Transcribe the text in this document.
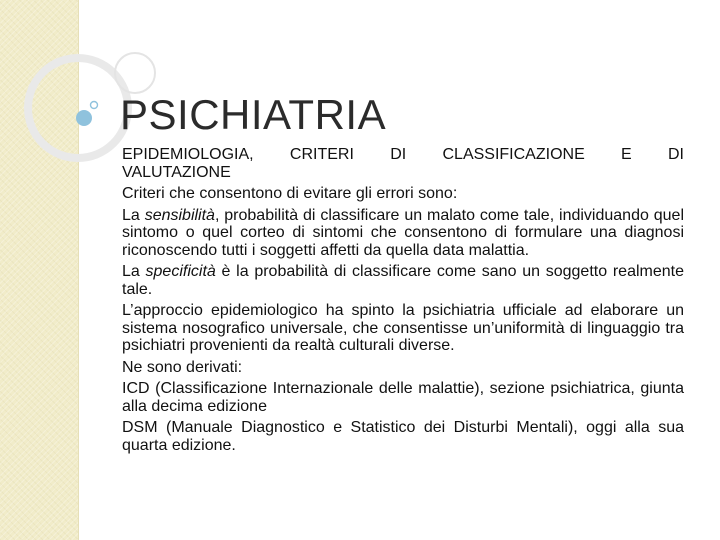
PSICHIATRIA
EPIDEMIOLOGIA, CRITERI DI CLASSIFICAZIONE E DI
VALUTAZIONE

Criteri che consentono di evitare gli errori sono:

La sensibilità, probabilità di classificare un malato come tale, individuando quel sintomo o quel corteo di sintomi che consentono di formulare una diagnosi riconoscendo tutti i soggetti affetti da quella data malattia.

La specificità è la probabilità di classificare come sano un soggetto realmente tale.

L’approccio epidemiologico ha spinto la psichiatria ufficiale ad elaborare un sistema nosografico universale, che consentisse un’uniformità di linguaggio tra psichiatri provenienti da realtà culturali diverse.

Ne sono derivati:

ICD (Classificazione Internazionale delle malattie), sezione psichiatrica, giunta alla decima edizione

DSM (Manuale Diagnostico e Statistico dei Disturbi Mentali), oggi alla sua quarta edizione.
